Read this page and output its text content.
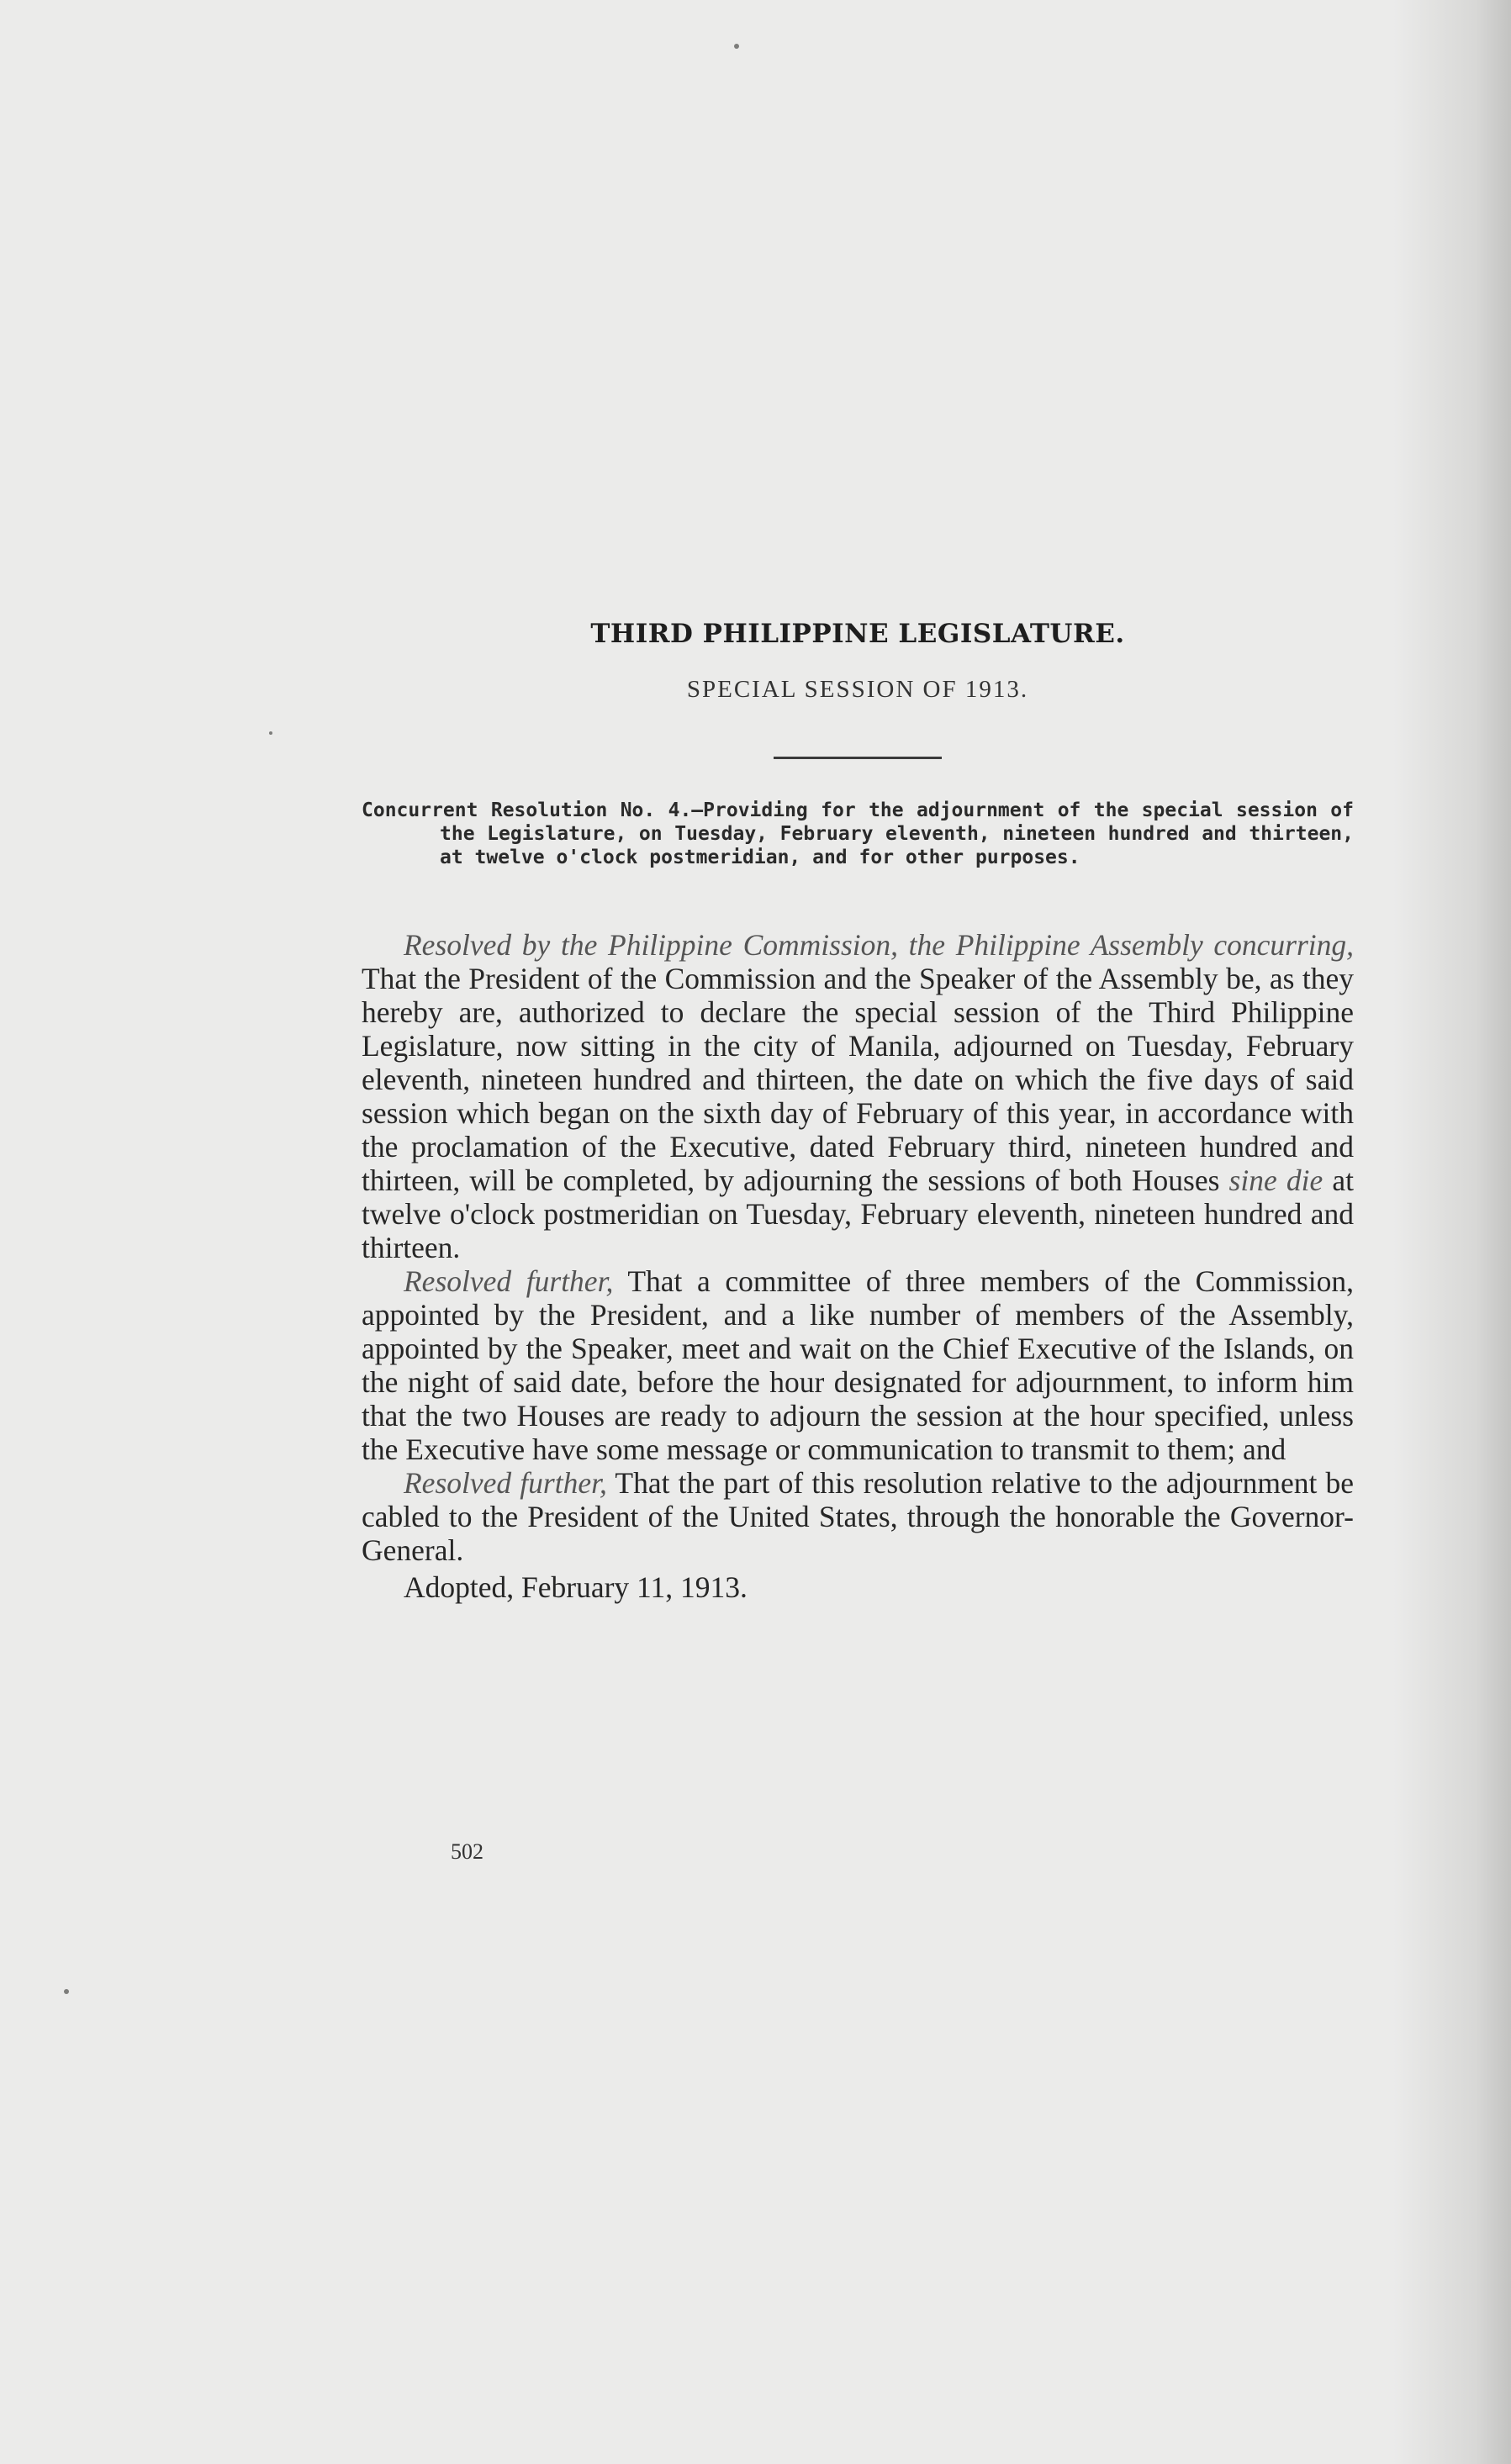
THIRD PHILIPPINE LEGISLATURE.
SPECIAL SESSION OF 1913.
Concurrent Resolution No. 4.—Providing for the adjournment of the special session of the Legislature, on Tuesday, February eleventh, nineteen hundred and thirteen, at twelve o'clock postmeridian, and for other purposes.

Resolved by the Philippine Commission, the Philippine Assembly concurring, That the President of the Commission and the Speaker of the Assembly be, as they hereby are, authorized to declare the special session of the Third Philippine Legislature, now sitting in the city of Manila, adjourned on Tuesday, February eleventh, nineteen hundred and thirteen, the date on which the five days of said session which began on the sixth day of February of this year, in accordance with the proclamation of the Executive, dated February third, nineteen hundred and thirteen, will be completed, by adjourning the sessions of both Houses sine die at twelve o'clock postmeridian on Tuesday, February eleventh, nineteen hundred and thirteen.

Resolved further, That a committee of three members of the Commission, appointed by the President, and a like number of members of the Assembly, appointed by the Speaker, meet and wait on the Chief Executive of the Islands, on the night of said date, before the hour designated for adjournment, to inform him that the two Houses are ready to adjourn the session at the hour specified, unless the Executive have some message or communication to transmit to them; and

Resolved further, That the part of this resolution relative to the adjournment be cabled to the President of the United States, through the honorable the Governor-General.

Adopted, February 11, 1913.

502
